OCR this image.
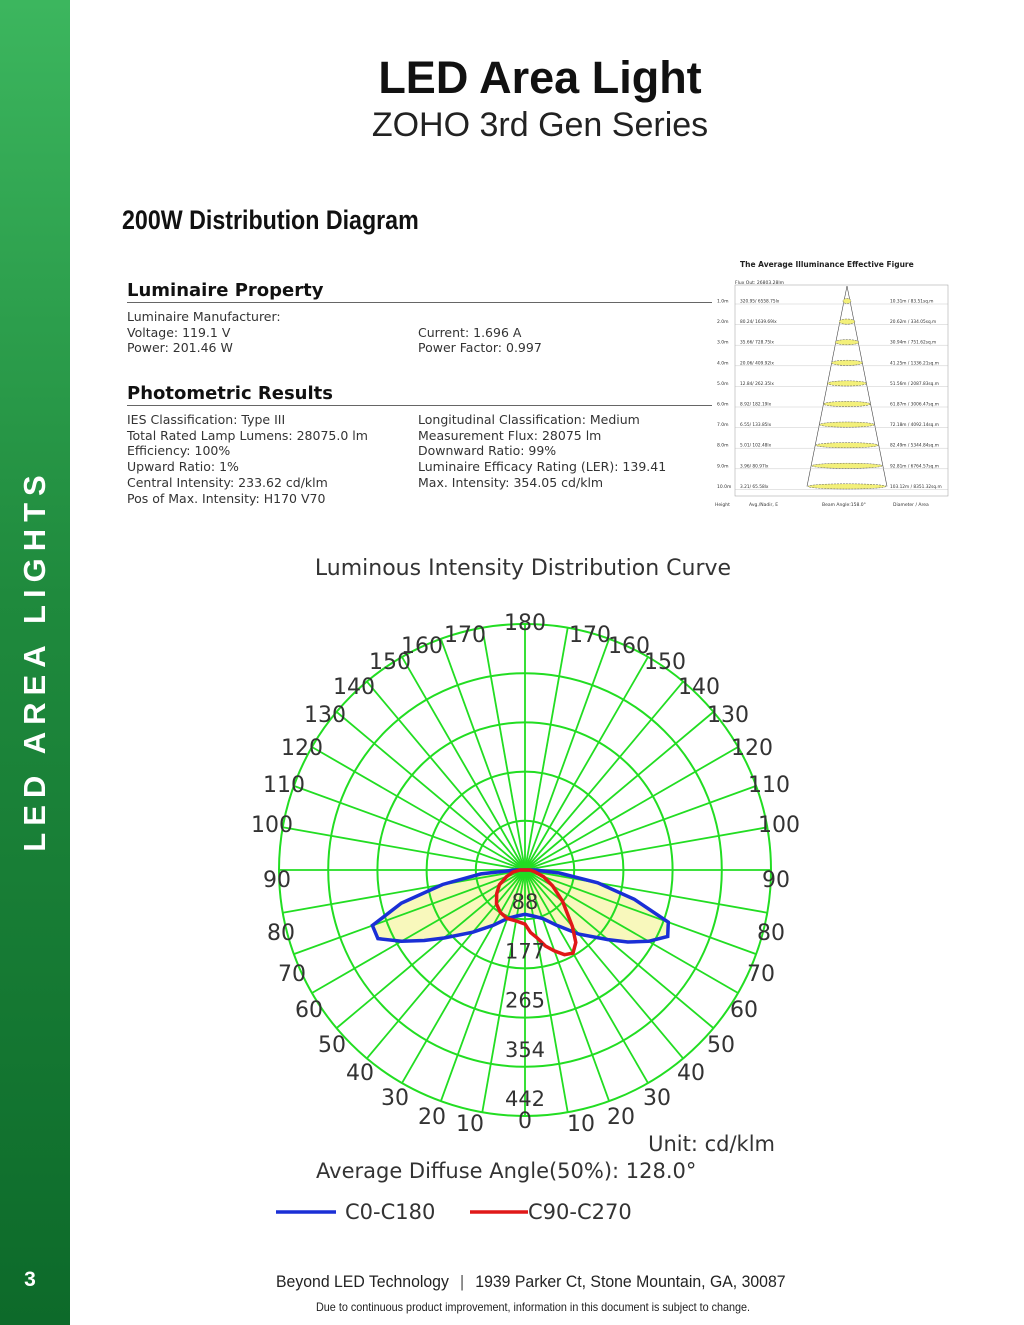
LED AREA LIGHTS
3
LED Area Light
ZOHO 3rd Gen Series
200W Distribution Diagram
Luminaire Property
Luminaire Manufacturer:
Voltage: 119.1 V
Power: 201.46 W
Current: 1.696 A
Power Factor: 0.997
Photometric Results
IES Classification: Type III
Total Rated Lamp Lumens: 28075.0 lm
Efficiency: 100%
Upward Ratio: 1%
Central Intensity: 233.62 cd/klm
Pos of Max. Intensity: H170 V70
Longitudinal Classification: Medium
Measurement Flux: 28075 lm
Downward Ratio: 99%
Luminaire Efficacy Rating (LER): 139.41
Max. Intensity: 354.05 cd/klm
The Average Illuminance Effective Figure
Flux Out: 26803.28lm
1.0m	320.95/ 6558.75lx	10.31m / 83.51sq.m
2.0m	80.24/ 1639.69lx	20.62m / 334.05sq.m
3.0m	35.66/ 728.75lx	30.94m / 751.62sq.m
4.0m	20.06/ 409.92lx	41.25m / 1336.21sq.m
5.0m	12.84/ 262.35lx	51.56m / 2087.83sq.m
6.0m	8.92/ 182.19lx	61.87m / 3006.47sq.m
7.0m	6.55/ 133.85lx	72.18m / 4092.14sq.m
8.0m	5.01/ 102.48lx	82.49m / 5344.84sq.m
9.0m	3.96/ 80.97lx	92.81m / 6764.57sq.m
10.0m 3.21/ 65.58lx	103.12m / 8351.32sq.m
Height	Avg./Nadir, E	Beam Angle:158.0°	Diameter / Area
Luminous Intensity Distribution Curve
88
177
265
354
442
160 170
150
140
130
120
110
100
90
80
70
60
50
40
30
20 10
170
160
150
140
130
120
110
100
90
80
70
60
50
40
30
20
10
180
0
Unit: cd/klm
Average Diffuse Angle(50%): 128.0°
C0-C180	C90-C270
Beyond LED Technology | 1939 Parker Ct, Stone Mountain, GA, 30087
Due to continuous product improvement, information in this document is subject to change.
